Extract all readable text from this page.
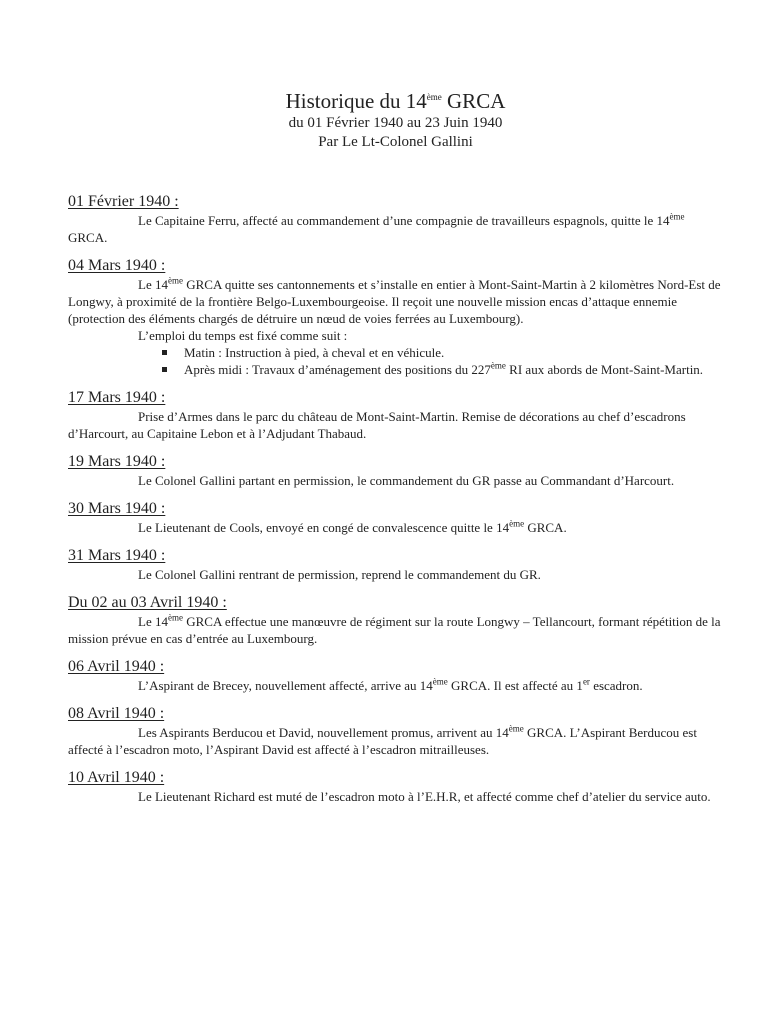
Historique du 14ème GRCA
du 01 Février 1940 au 23 Juin 1940
Par Le Lt-Colonel Gallini
01 Février 1940 :

Le Capitaine Ferru, affecté au commandement d’une compagnie de travailleurs espagnols, quitte le 14ème GRCA.

04 Mars 1940 :

Le 14ème GRCA quitte ses cantonnements et s’installe en entier à Mont-Saint-Martin à 2 kilomètres Nord-Est de Longwy, à proximité de la frontière Belgo-Luxembourgeoise. Il reçoit une nouvelle mission encas d’attaque ennemie (protection des éléments chargés de détruire un nœud de voies ferrées au Luxembourg).

L’emploi du temps est fixé comme suit :

Matin : Instruction à pied, à cheval et en véhicule.
Après midi : Travaux d’aménagement des positions du 227ème RI aux abords de Mont-Saint-Martin.
17 Mars 1940 :

Prise d’Armes dans le parc du château de Mont-Saint-Martin. Remise de décorations au chef d’escadrons d’Harcourt, au Capitaine Lebon et à l’Adjudant Thabaud.

19 Mars 1940 :

Le Colonel Gallini partant en permission, le commandement du GR passe au Commandant d’Harcourt.

30 Mars 1940 :

Le Lieutenant de Cools, envoyé en congé de convalescence quitte le 14ème GRCA.

31 Mars 1940 :

Le Colonel Gallini rentrant de permission, reprend le commandement du GR.

Du 02 au 03 Avril 1940 :

Le 14ème GRCA effectue une manœuvre de régiment sur la route Longwy – Tellancourt, formant répétition de la mission prévue en cas d’entrée au Luxembourg.

06 Avril 1940 :

L’Aspirant de Brecey, nouvellement affecté, arrive au 14ème GRCA. Il est affecté au 1er escadron.

08 Avril 1940 :

Les Aspirants Berducou et David, nouvellement promus, arrivent au 14ème GRCA. L’Aspirant Berducou est affecté à l’escadron moto, l’Aspirant David est affecté à l’escadron mitrailleuses.

10 Avril 1940 :

Le Lieutenant Richard est muté de l’escadron moto à l’E.H.R, et affecté comme chef d’atelier du service auto.
